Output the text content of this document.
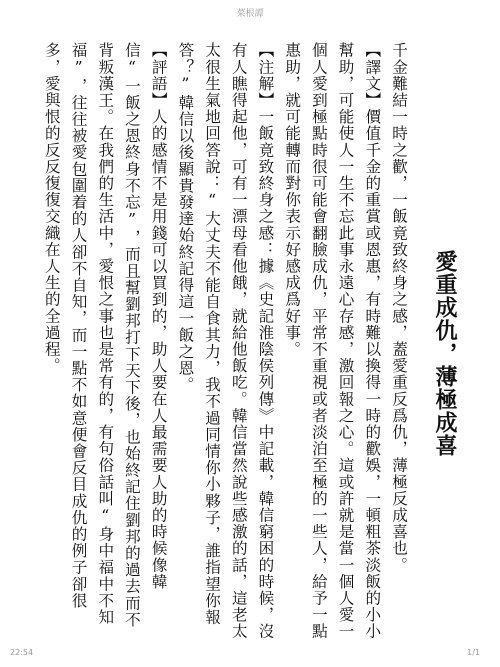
菜根譚
愛重成仇，薄極成喜

千金難結一時之歡，一飯竟致終身之感，蓋愛重反爲仇，薄極反成喜也。

【譯文】價值千金的重賞或恩惠，有時難以換得一時的歡娛，一頓粗茶淡飯的小小幫助，可能使人一生不忘此事永遠心存感，激回報之心。這或許就是當一個人愛一個人愛到極點時很可能會翻臉成仇，平常不重視或者淡泊至極的一些人，給予一點惠助，就可能轉而對你表示好感成爲好事。

【注解】一飯竟致終身之感：據《史記淮陰侯列傳》中記載，韓信窮困的時候，沒有人瞧得起他，可有一漂母看他餓，就給他飯吃。韓信當然說些感激的話，這老太太很生氣地回答說：“大丈夫不能自食其力，我不過同情你小夥子，誰指望你報答？”韓信以後顯貴發達始終記得這一飯之恩。

【評語】人的感情不是用錢可以買到的，助人要在人最需要人助的時候像韓信“一飯之恩終身不忘”，而且幫劉邦打下天下後，也始終記住劉邦的過去而不背叛漢王。在我們的生活中，愛恨之事也是常有的，有句俗話叫“身中福中不知福”，往往被愛包圍着的人卻不自知，而一點不如意便會反目成仇的例子卻很多，愛與恨的反反復復交織在人生的全過程。

22:54	1/1
